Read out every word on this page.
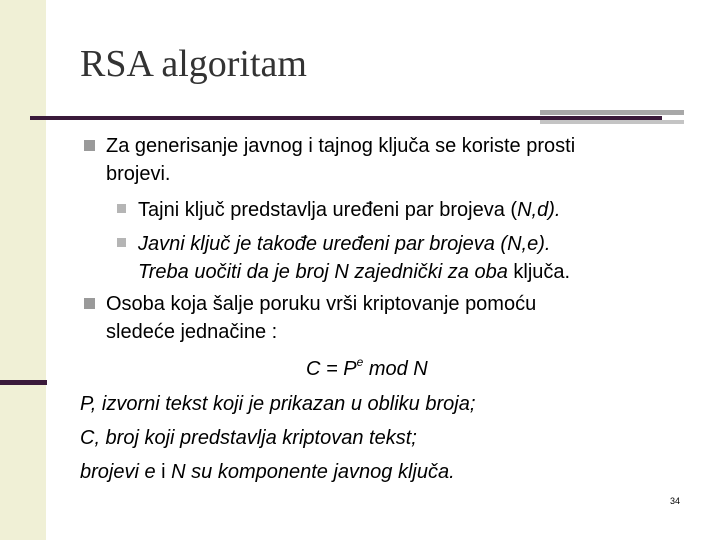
RSA algoritam
Za generisanje javnog i tajnog ključa se koriste prosti
brojevi.
Tajni ključ predstavlja uređeni par brojeva (N,d).
Javni ključ je takođe uređeni par brojeva (N,e).
Treba uočiti da je broj N zajednički za oba ključa.
Osoba koja šalje poruku vrši kriptovanje pomoću
sledeće jednačine :
$C = P^e$ mod N
P, izvorni tekst koji je prikazan u obliku broja;
C, broj koji predstavlja kriptovan tekst;
brojevi e i N su komponente javnog ključa.
34
